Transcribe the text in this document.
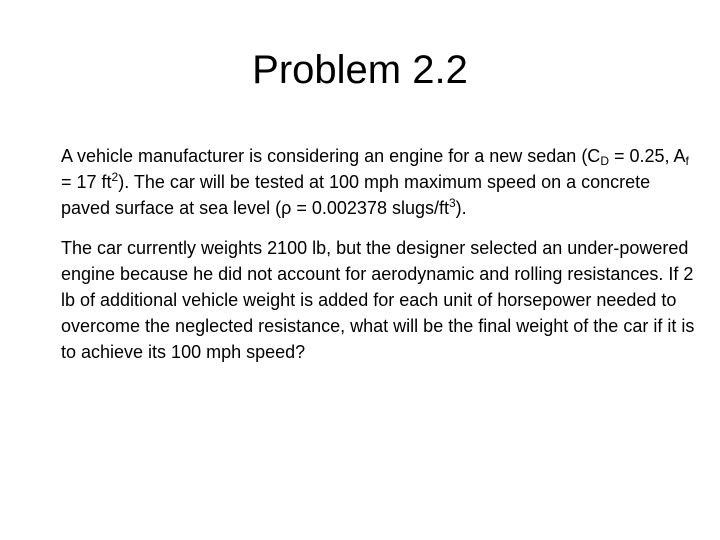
Problem 2.2

A vehicle manufacturer is considering an engine for a new sedan ($C_D = 0.25$, $A_f = 17$ $ft^2$). The car will be tested at 100 mph maximum speed on a concrete paved surface at sea level (ρ = 0.002378 slugs/$ft^3$).

The car currently weights 2100 lb, but the designer selected an under-powered engine because he did not account for aerodynamic and rolling resistances. If 2 lb of additional vehicle weight is added for each unit of horsepower needed to overcome the neglected resistance, what will be the final weight of the car if it is to achieve its 100 mph speed?
